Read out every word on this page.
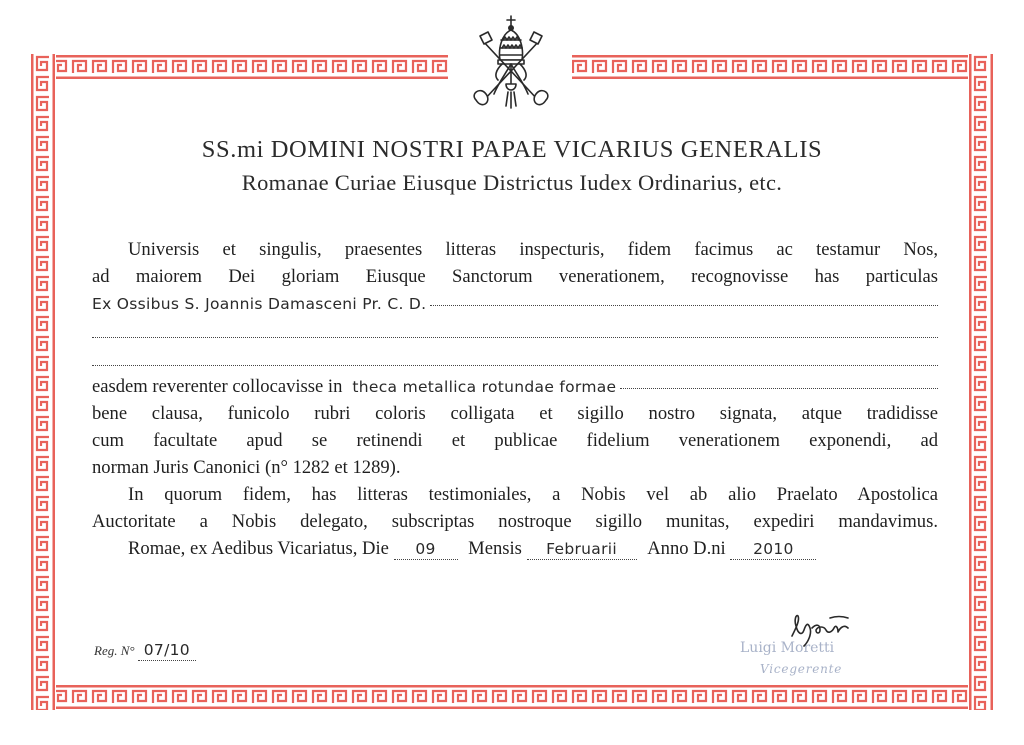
SS.mi DOMINI NOSTRI PAPAE VICARIUS GENERALIS
Romanae Curiae Eiusque Districtus Iudex Ordinarius, etc.
Universis et singulis, praesentes litteras inspecturis, fidem facimus ac testamur Nos,
ad maiorem Dei gloriam Eiusque Sanctorum venerationem, recognovisse has particulas
Ex Ossibus S. Joannis Damasceni Pr. C. D.
easdem reverenter collocavisse in theca metallica rotundae formae
bene clausa, funicolo rubri coloris colligata et sigillo nostro signata, atque tradidisse
cum facultate apud se retinendi et publicae fidelium venerationem exponendi, ad
norman Juris Canonici (n° 1282 et 1289).
In quorum fidem, has litteras testimoniales, a Nobis vel ab alio Praelato Apostolica
Auctoritate a Nobis delegato, subscriptas nostroque sigillo munitas, expediri mandavimus.
Romae, ex Aedibus Vicariatus, Die 09 Mensis Februarii Anno D.ni 2010
Reg. N° 07/10	Luigi Moretti
Vicegerente
